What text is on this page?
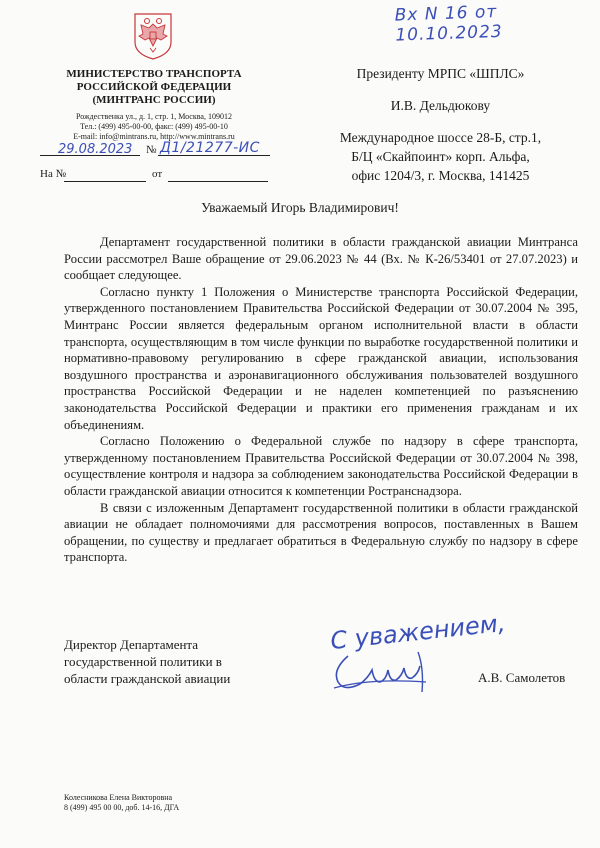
Вх N 16 от 10.10.2023
МИНИСТЕРСТВО ТРАНСПОРТА
РОССИЙСКОЙ ФЕДЕРАЦИИ
(МИНТРАНС РОССИИ)
Рождественка ул., д. 1, стр. 1, Москва, 109012
Тел.: (499) 495-00-00, факс: (499) 495-00-10
E-mail: info@mintrans.ru, http://www.mintrans.ru
29.08.2023 № Д1/21277-ИС
На №	от
Президенту МРПС «ШПЛС»
И.В. Дельдюкову
Международное шоссе 28-Б, стр.1,
Б/Ц «Скайпоинт» корп. Альфа,
офис 1204/3, г. Москва, 141425
Уважаемый Игорь Владимирович!

Департамент государственной политики в области гражданской авиации Минтранса России рассмотрел Ваше обращение от 29.06.2023 № 44 (Вх. № К-26/53401 от 27.07.2023) и сообщает следующее.

Согласно пункту 1 Положения о Министерстве транспорта Российской Федерации, утвержденного постановлением Правительства Российской Федерации от 30.07.2004 № 395, Минтранс России является федеральным органом исполнительной власти в области транспорта, осуществляющим в том числе функции по выработке государственной политики и нормативно-правовому регулированию в сфере гражданской авиации, использования воздушного пространства и аэронавигационного обслуживания пользователей воздушного пространства Российской Федерации и не наделен компетенцией по разъяснению законодательства Российской Федерации и практики его применения гражданам и их объединениям.

Согласно Положению о Федеральной службе по надзору в сфере транспорта, утвержденному постановлением Правительства Российской Федерации от 30.07.2004 № 398, осуществление контроля и надзора за соблюдением законодательства Российской Федерации в области гражданской авиации относится к компетенции Ространснадзора.

В связи с изложенным Департамент государственной политики в области гражданской авиации не обладает полномочиями для рассмотрения вопросов, поставленных в Вашем обращении, по существу и предлагает обратиться в Федеральную службу по надзору в сфере транспорта.

Директор Департамента
государственной политики в
области гражданской авиации
С уважением,
А.В. Самолетов
Колесникова Елена Викторовна
8 (499) 495 00 00, доб. 14-16, ДГА
